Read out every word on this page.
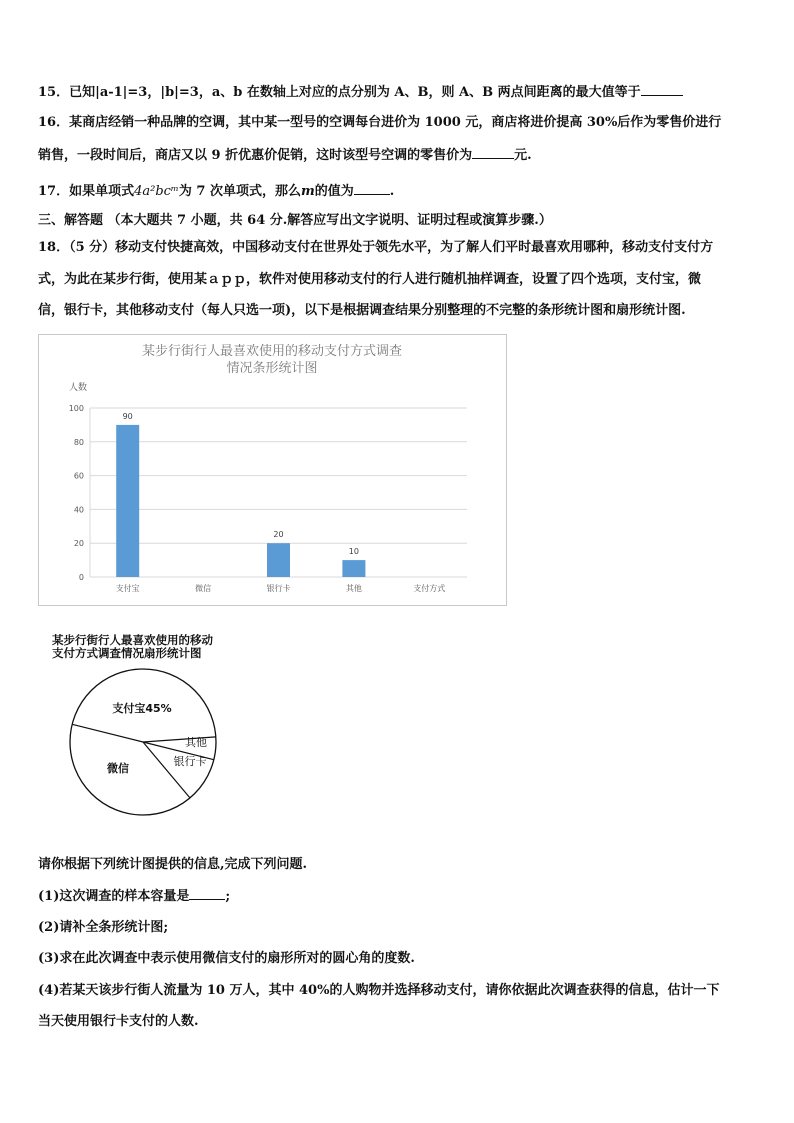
15．已知|a-1|=3，|b|=3，a、b 在数轴上对应的点分别为 A、B，则 A、B 两点间距离的最大值等于
16．某商店经销一种品牌的空调，其中某一型号的空调每台进价为 1000 元，商店将进价提高 30%后作为零售价进行
销售，一段时间后，商店又以 9 折优惠价促销，这时该型号空调的零售价为	元.
17．如果单项式4a²bcᵐ为 7 次单项式，那么m的值为	.
三、解答题 （本大题共 7 小题，共 64 分.解答应写出文字说明、证明过程或演算步骤.）
18．（5 分）移动支付快捷高效，中国移动支付在世界处于领先水平，为了解人们平时最喜欢用哪种，移动支付支付方
式，为此在某步行街，使用某ａｐｐ，软件对使用移动支付的行人进行随机抽样调查，设置了四个选项，支付宝，微
信，银行卡，其他移动支付（每人只选一项)，以下是根据调查结果分别整理的不完整的条形统计图和扇形统计图.
某步行街行人最喜欢使用的移动支付方式调查
情况条形统计图
人数
0
20
40
60
80
100
90
20
10
支付宝	微信	银行卡	其他	支付方式
某步行街行人最喜欢使用的移动
支付方式调查情况扇形统计图
支付宝45%
其他
银行卡
微信
请你根据下列统计图提供的信息,完成下列问题.
(1)这次调查的样本容量是	;
(2)请补全条形统计图;
(3)求在此次调查中表示使用微信支付的扇形所对的圆心角的度数.
(4)若某天该步行街人流量为 10 万人，其中 40%的人购物并选择移动支付，请你依据此次调查获得的信息，估计一下
当天使用银行卡支付的人数.
